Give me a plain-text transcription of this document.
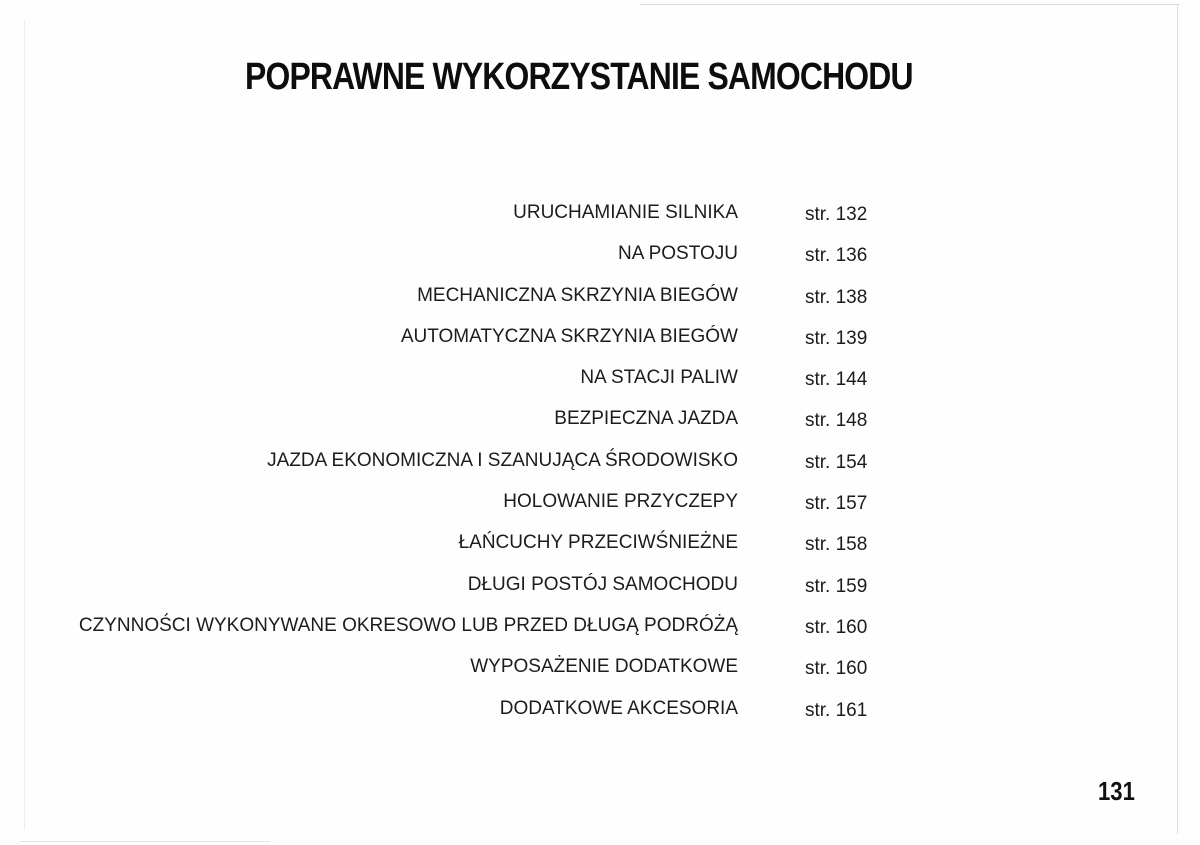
POPRAWNE WYKORZYSTANIE SAMOCHODU
URUCHAMIANIE SILNIKA	str. 132
NA POSTOJU	str. 136
MECHANICZNA SKRZYNIA BIEGÓW	str. 138
AUTOMATYCZNA SKRZYNIA BIEGÓW	str. 139
NA STACJI PALIW	str. 144
BEZPIECZNA JAZDA	str. 148
JAZDA EKONOMICZNA I SZANUJĄCA ŚRODOWISKO	str. 154
HOLOWANIE PRZYCZEPY	str. 157
ŁAŃCUCHY PRZECIWŚNIEŻNE	str. 158
DŁUGI POSTÓJ SAMOCHODU	str. 159
CZYNNOŚCI WYKONYWANE OKRESOWO LUB PRZED DŁUGĄ PODRÓŻĄ	str. 160
WYPOSAŻENIE DODATKOWE	str. 160
DODATKOWE AKCESORIA	str. 161
131
